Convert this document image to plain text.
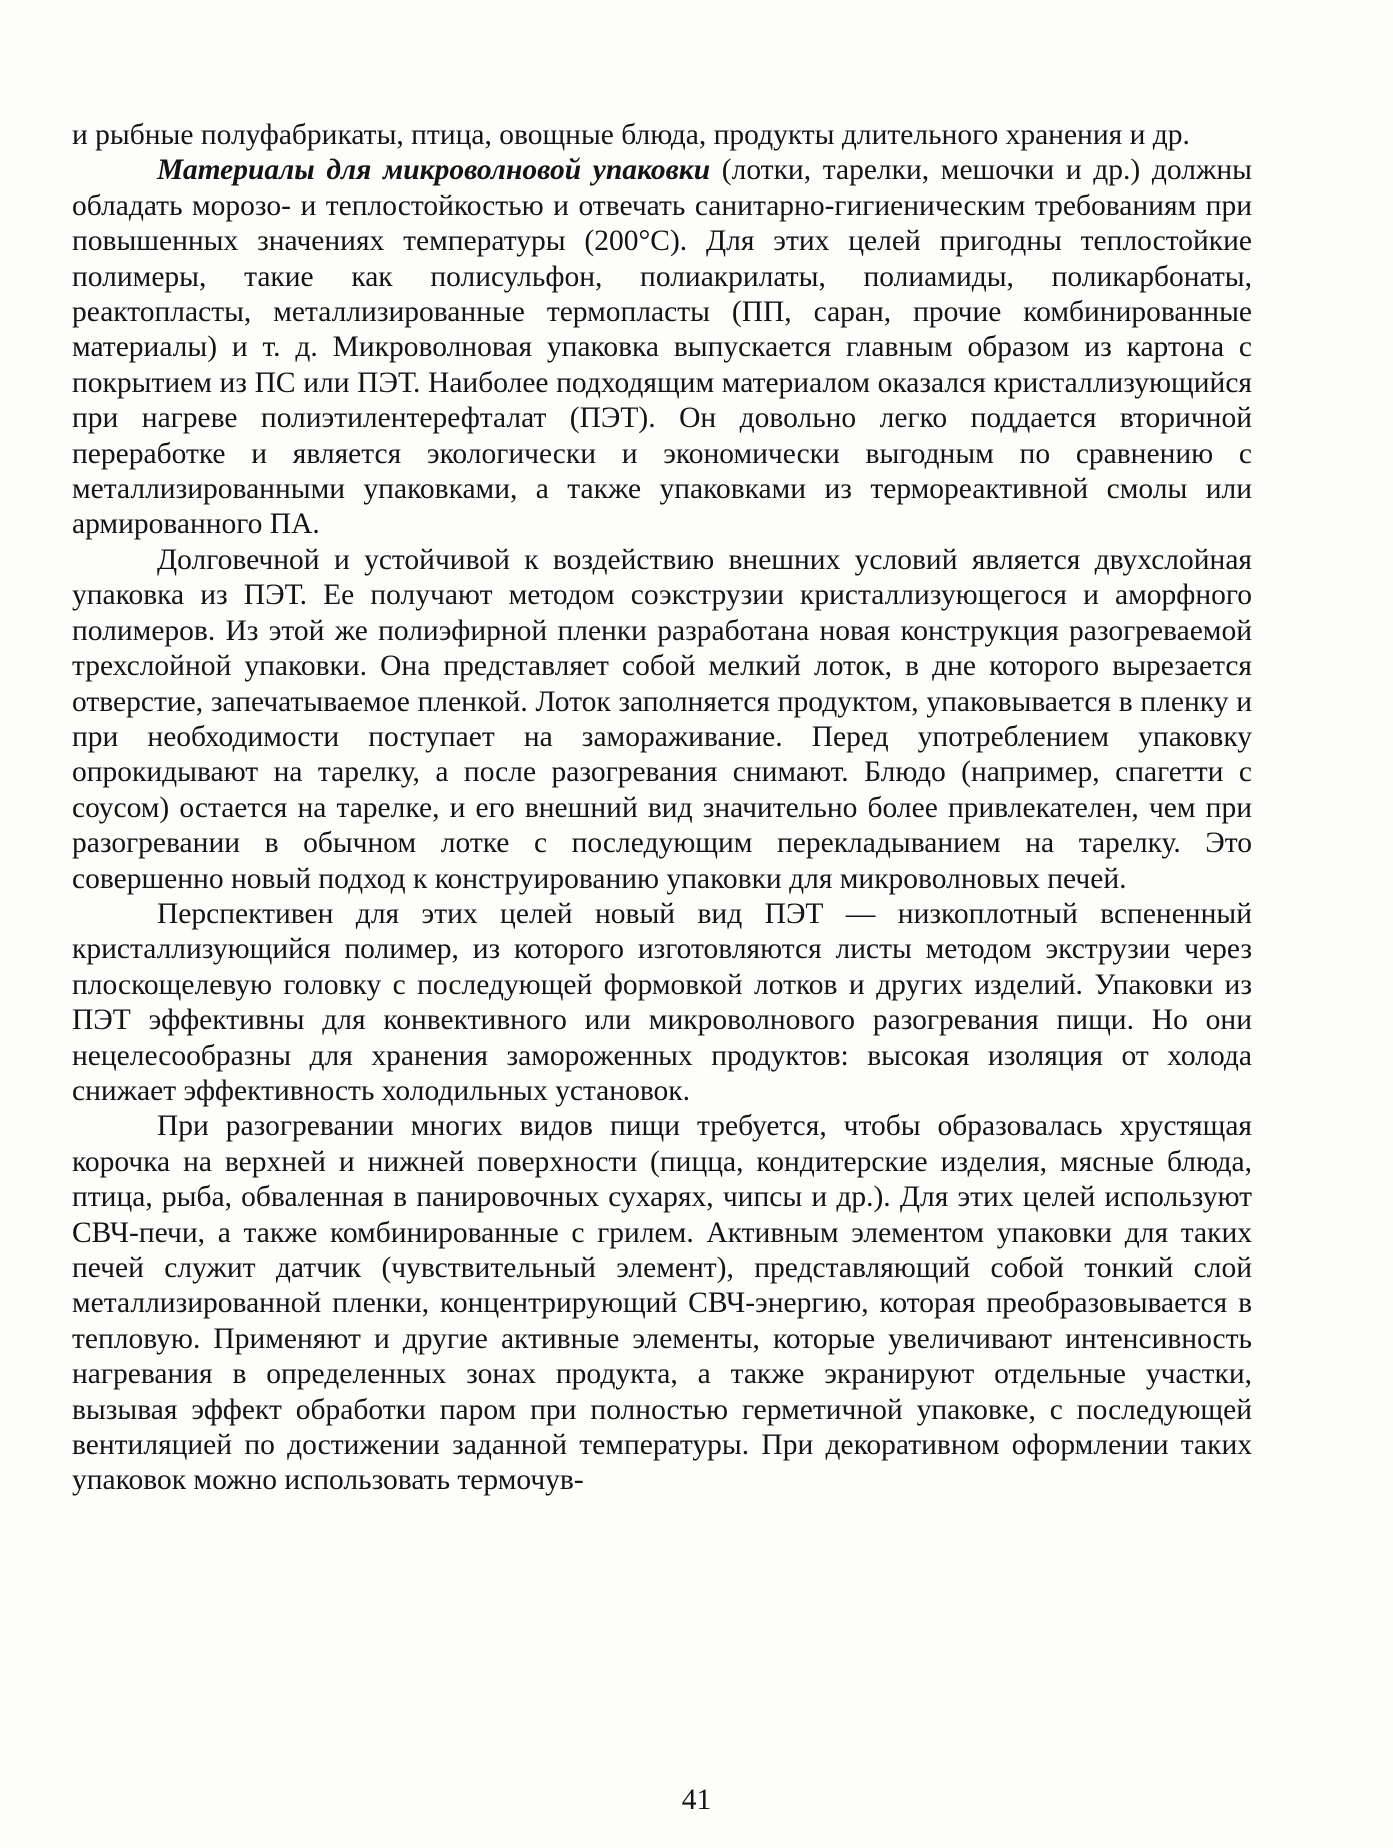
и рыбные полуфабрикаты, птица, овощные блюда, продукты длительного хранения и др.

Материалы для микроволновой упаковки (лотки, тарелки, мешочки и др.) должны обладать морозо- и теплостойкостью и отвечать санитарно-гигиеническим требованиям при повышенных значениях температуры (200°С). Для этих целей пригодны теплостойкие полимеры, такие как полисульфон, полиакрилаты, полиамиды, поликарбонаты, реактопласты, металлизированные термопласты (ПП, саран, прочие комбинированные материалы) и т. д. Микроволновая упаковка выпускается главным образом из картона с покрытием из ПС или ПЭТ. Наиболее подходящим материалом оказался кристаллизующийся при нагреве полиэтилентерефталат (ПЭТ). Он довольно легко поддается вторичной переработке и является экологически и экономически выгодным по сравнению с металлизированными упаковками, а также упаковками из термореактивной смолы или армированного ПА.

Долговечной и устойчивой к воздействию внешних условий является двухслойная упаковка из ПЭТ. Ее получают методом соэкструзии кристаллизующегося и аморфного полимеров. Из этой же полиэфирной пленки разработана новая конструкция разогреваемой трехслойной упаковки. Она представляет собой мелкий лоток, в дне которого вырезается отверстие, запечатываемое пленкой. Лоток заполняется продуктом, упаковывается в пленку и при необходимости поступает на замораживание. Перед употреблением упаковку опрокидывают на тарелку, а после разогревания снимают. Блюдо (например, спагетти с соусом) остается на тарелке, и его внешний вид значительно более привлекателен, чем при разогревании в обычном лотке с последующим перекладыванием на тарелку. Это совершенно новый подход к конструированию упаковки для микроволновых печей.

Перспективен для этих целей новый вид ПЭТ — низкоплотный вспененный кристаллизующийся полимер, из которого изготовляются листы методом экструзии через плоскощелевую головку с последующей формовкой лотков и других изделий. Упаковки из ПЭТ эффективны для конвективного или микроволнового разогревания пищи. Но они нецелесообразны для хранения замороженных продуктов: высокая изоляция от холода снижает эффективность холодильных установок.

При разогревании многих видов пищи требуется, чтобы образовалась хрустящая корочка на верхней и нижней поверхности (пицца, кондитерские изделия, мясные блюда, птица, рыба, обваленная в панировочных сухарях, чипсы и др.). Для этих целей используют СВЧ-печи, а также комбинированные с грилем. Активным элементом упаковки для таких печей служит датчик (чувствительный элемент), представляющий собой тонкий слой металлизированной пленки, концентрирующий СВЧ-энергию, которая преобразовывается в тепловую. Применяют и другие активные элементы, которые увеличивают интенсивность нагревания в определенных зонах продукта, а также экранируют отдельные участки, вызывая эффект обработки паром при полностью герметичной упаковке, с последующей вентиляцией по достижении заданной температуры. При декоративном оформлении таких упаковок можно использовать термочув-

41
